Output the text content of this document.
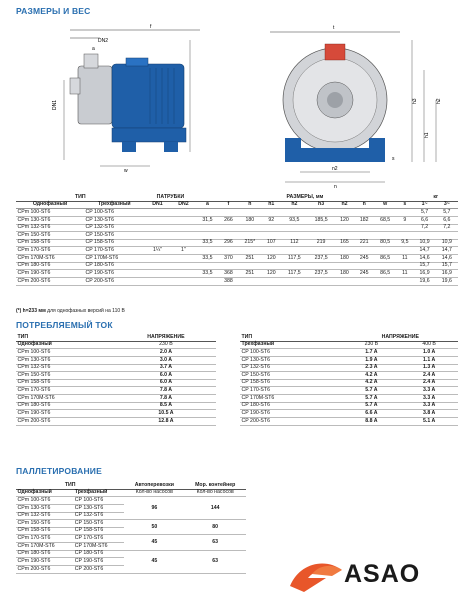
РАЗМЕРЫ И ВЕС
DN2
a
f
DN1
w
t
h2
h3
h1
s
n2
n
ТИП		ПАТРУБКИ		РАЗМЕРЫ, мм										кг	
Однофазный	Трехфазный	DN1	DN2	a	f	h	h1	h2	h3	n2	n	w	s	1~	3~
CPm 100-ST6	CP 100-ST6													5,7	5,7
CPm 130-ST6	CP 130-ST6			31,5	266	180	92	93,5	185,5	120	182	68,5	9	6,6	6,6
CPm 132-ST6	CP 132-ST6													7,2	7,2
CPm 150-ST6	CP 150-ST6														
CPm 158-ST6	CP 158-ST6			33,5	296	215*	107	112	219	165	221	80,5	9,5	10,9	10,9
CPm 170-ST6	CP 170-ST6	1¼"	1"											14,7	14,7
CPm 170M-ST6	CP 170M-ST6			33,5	370	251	120	117,5	237,5	180	245	86,5	11	14,6	14,6
CPm 180-ST6	CP 180-ST6													15,7	15,7
CPm 190-ST6	CP 190-ST6			33,5	368	251	120	117,5	237,5	180	245	86,5	11	16,9	16,9
CPm 200-ST6	CP 200-ST6				388									19,6	19,6
(*) h=233 мм для однофазных версий на 110 В
ПОТРЕБЛЯЕМЫЙ ТОК
ТИП	НАПРЯЖЕНИЕ
Однофазный	230 В
CPm 100-ST6	2.0 A
CPm 130-ST6	3.0 A
CPm 132-ST6	3.7 A
CPm 150-ST6	6.0 A
CPm 158-ST6	6.0 A
CPm 170-ST6	7.8 A
CPm 170M-ST6	7.8 A
CPm 180-ST6	8.5 A
CPm 190-ST6	10.5 A
CPm 200-ST6	12.8 A
ТИП	НАПРЯЖЕНИЕ	
Трехфазный	230 В	400 В
CP 100-ST6	1.7 A	1.0 A
CP 130-ST6	1.9 A	1.1 A
CP 132-ST6	2.3 A	1.3 A
CP 150-ST6	4.2 A	2.4 A
CP 158-ST6	4.2 A	2.4 A
CP 170-ST6	5.7 A	3.3 A
CP 170M-ST6	5.7 A	3.3 A
CP 180-ST6	5.7 A	3.3 A
CP 190-ST6	6.6 A	3.8 A
CP 200-ST6	8.8 A	5.1 A
ПАЛЛЕТИРОВАНИЕ
ТИП		Автоперевозки	Мор. контейнер
Однофазный	Трехфазный	Кол-во насосов	Кол-во насосов
CPm 100-ST6	CP 100-ST6	96	144
CPm 130-ST6	CP 130-ST6		
CPm 132-ST6	CP 132-ST6		
CPm 150-ST6	CP 150-ST6	50	80
CPm 158-ST6	CP 158-ST6		
CPm 170-ST6	CP 170-ST6	45	63
CPm 170M-ST6	CP 170M-ST6		
CPm 180-ST6	CP 180-ST6	45	63
CPm 190-ST6	CP 190-ST6		
CPm 200-ST6	CP 200-ST6			ASAO
